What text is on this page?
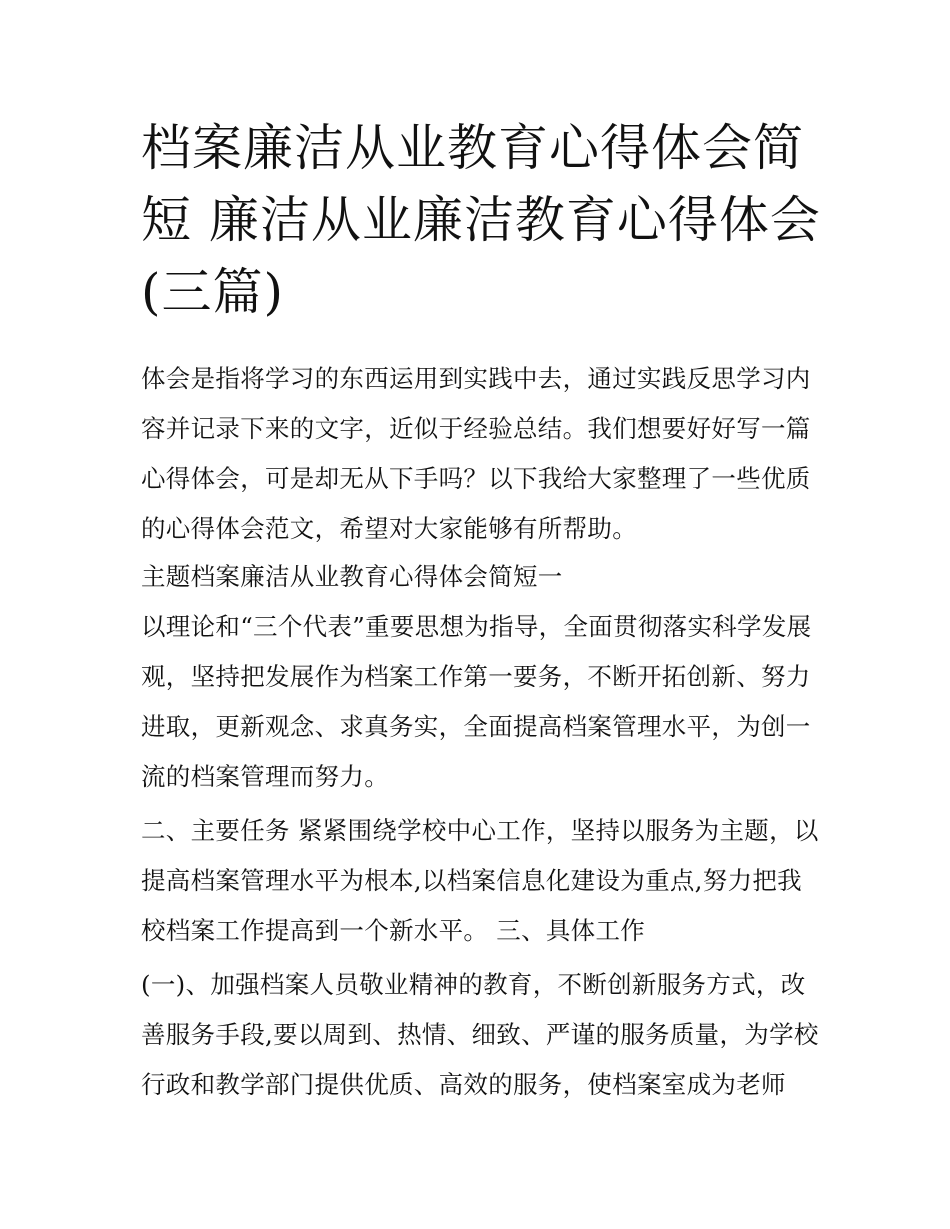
档案廉洁从业教育心得体会简短 廉洁从业廉洁教育心得体会(三篇)

体会是指将学习的东西运用到实践中去，通过实践反思学习内容并记录下来的文字，近似于经验总结。我们想要好好写一篇心得体会，可是却无从下手吗？以下我给大家整理了一些优质的心得体会范文，希望对大家能够有所帮助。

主题档案廉洁从业教育心得体会简短一

以理论和“三个代表”重要思想为指导，全面贯彻落实科学发展观，坚持把发展作为档案工作第一要务，不断开拓创新、努力进取，更新观念、求真务实，全面提高档案管理水平，为创一流的档案管理而努力。

二、主要任务 紧紧围绕学校中心工作，坚持以服务为主题，以提高档案管理水平为根本,以档案信息化建设为重点,努力把我校档案工作提高到一个新水平。 三、具体工作

(一)、加强档案人员敬业精神的教育，不断创新服务方式，改善服务手段,要以周到、热情、细致、严谨的服务质量，为学校行政和教学部门提供优质、高效的服务，使档案室成为老师
